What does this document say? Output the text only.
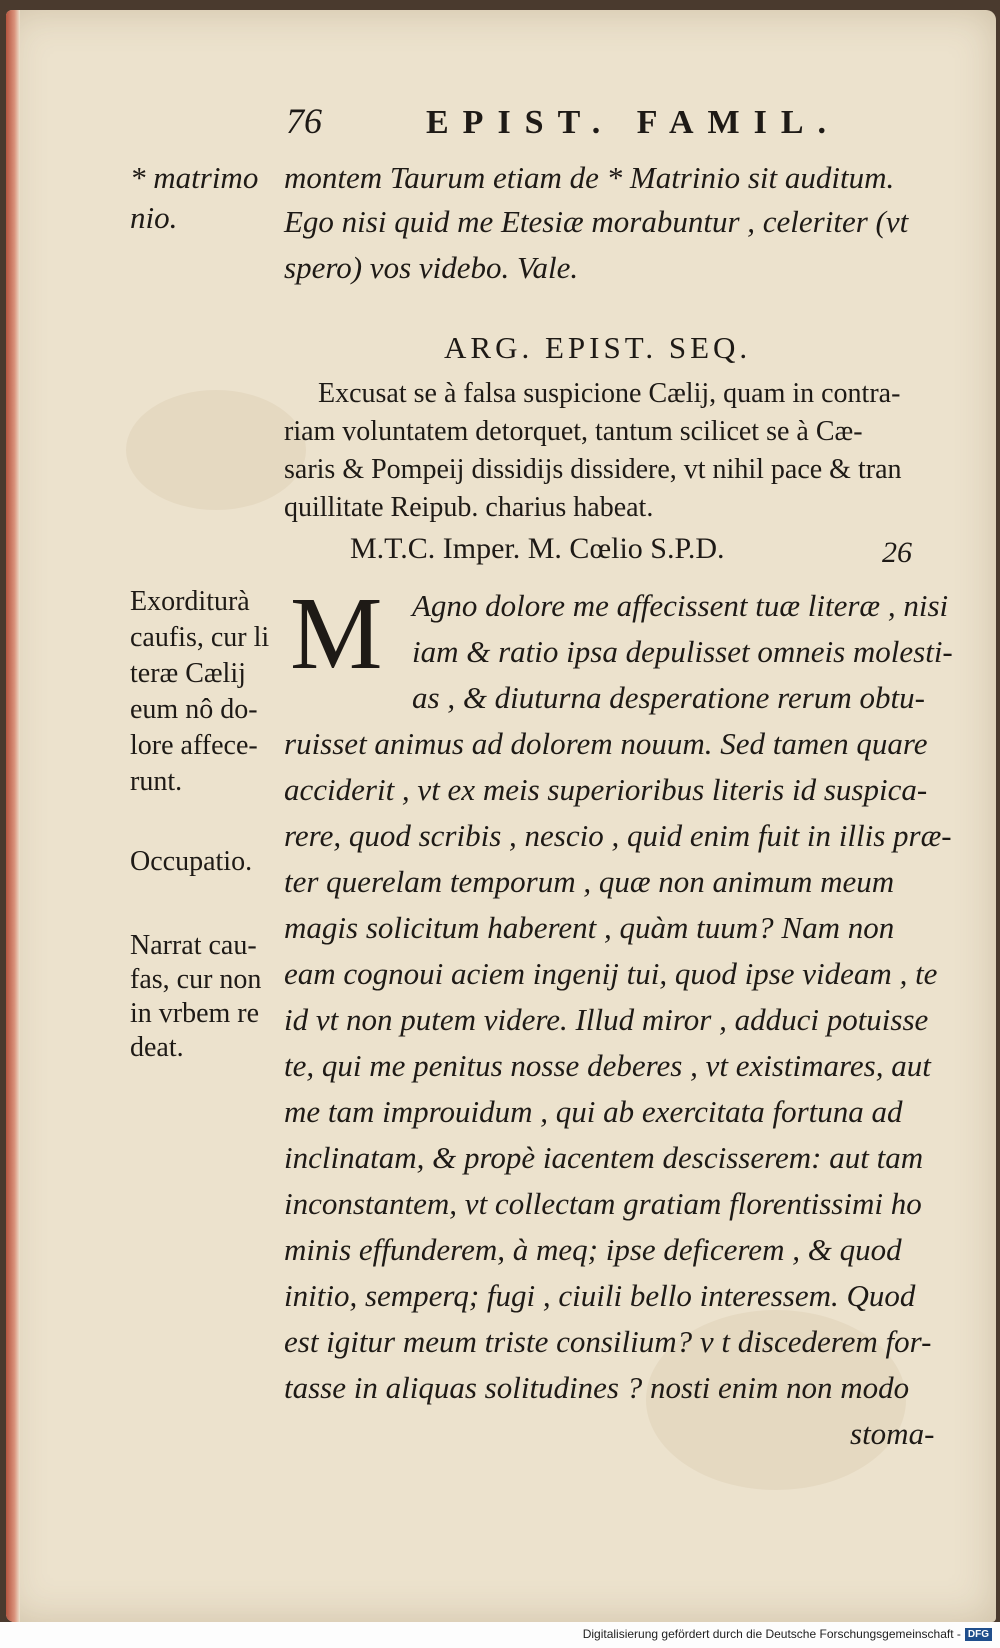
76	EPIST. FAMIL.
* matrimo
nio.
montem Taurum etiam de * Matrinio sit auditum.
Ego nisi quid me Etesiæ morabuntur , celeriter (vt
spero) vos videbo. Vale.
ARG. EPIST. SEQ.
Excusat se à falsa suspicione Cælij, quam in contra-
riam voluntatem detorquet, tantum scilicet se à Cæ-
saris & Pompeij dissidijs dissidere, vt nihil pace & tran
quillitate Reipub. charius habeat.
M.T.C. Imper. M. Cœlio S.P.D.	26
M Agno dolore me affecissent tuæ literæ , nisi
iam & ratio ipsa depulisset omneis molesti-
as , & diuturna desperatione rerum obtu-
ruisset animus ad dolorem nouum. Sed tamen quare
acciderit , vt ex meis superioribus literis id suspica-
rere, quod scribis , nescio , quid enim fuit in illis præ-
ter querelam temporum , quæ non animum meum
magis solicitum haberent , quàm tuum? Nam non
eam cognoui aciem ingenij tui, quod ipse videam , te
id vt non putem videre. Illud miror , adduci potuisse
te, qui me penitus nosse deberes , vt existimares, aut
me tam improuidum , qui ab exercitata fortuna ad
inclinatam, & propè iacentem descisserem: aut tam
inconstantem, vt collectam gratiam florentissimi ho
minis effunderem, à meq; ipse deficerem , & quod
initio, semperq; fugi , ciuili bello interessem. Quod
est igitur meum triste consilium? v t discederem for-
tasse in aliquas solitudines ? nosti enim non modo
stoma-
Exorditurà
caufis, cur li
teræ Cælij
eum nô do-
lore affece-
runt.
Occupatio.
Narrat cau-
fas, cur non
in vrbem re
deat.
Digitalisierung gefördert durch die Deutsche Forschungsgemeinschaft - DFG
